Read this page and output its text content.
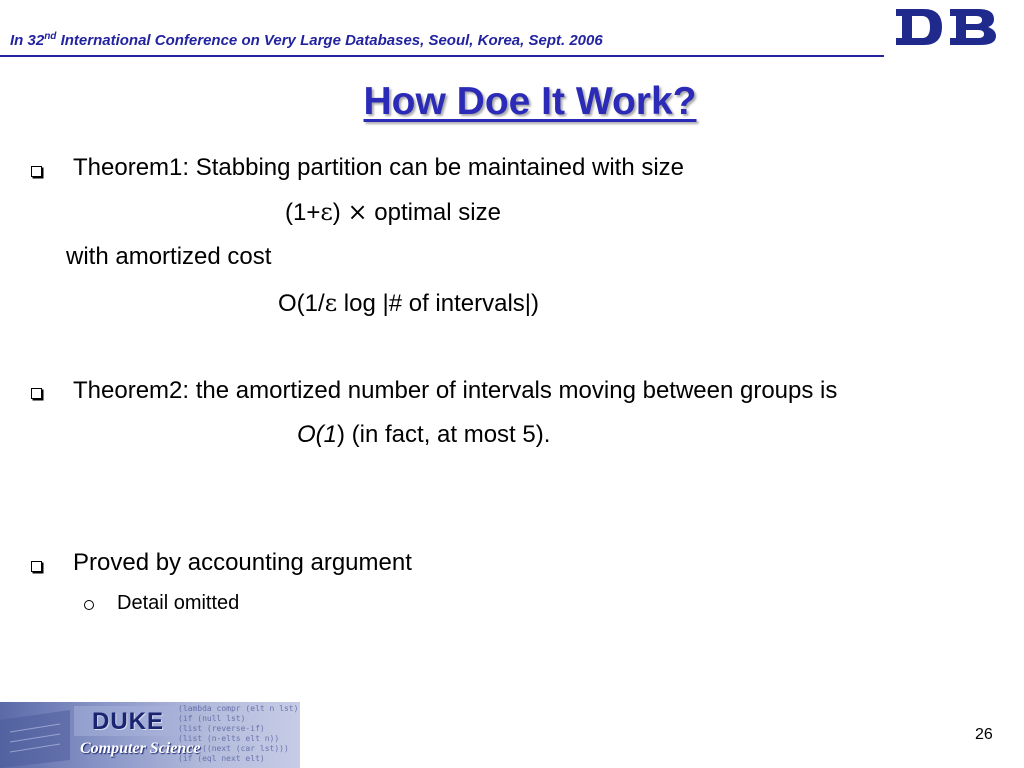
In 32nd International Conference on Very Large Databases, Seoul, Korea, Sept. 2006
DB
How Doe It Work?
Theorem1: Stabbing partition can be maintained with size
(1+ε) × optimal size
with amortized cost
O(1/ε log |# of intervals|)
Theorem2: the amortized number of intervals moving between groups is
O(1) (in fact, at most 5).
Proved by accounting argument
Detail omitted
(lambda compr (elt n lst)
(if (null lst)
(list (reverse-if)
(list (n-elts elt n))
(let ((next (car lst)))
(if (eql next elt)
DUKE
Computer Science
26
